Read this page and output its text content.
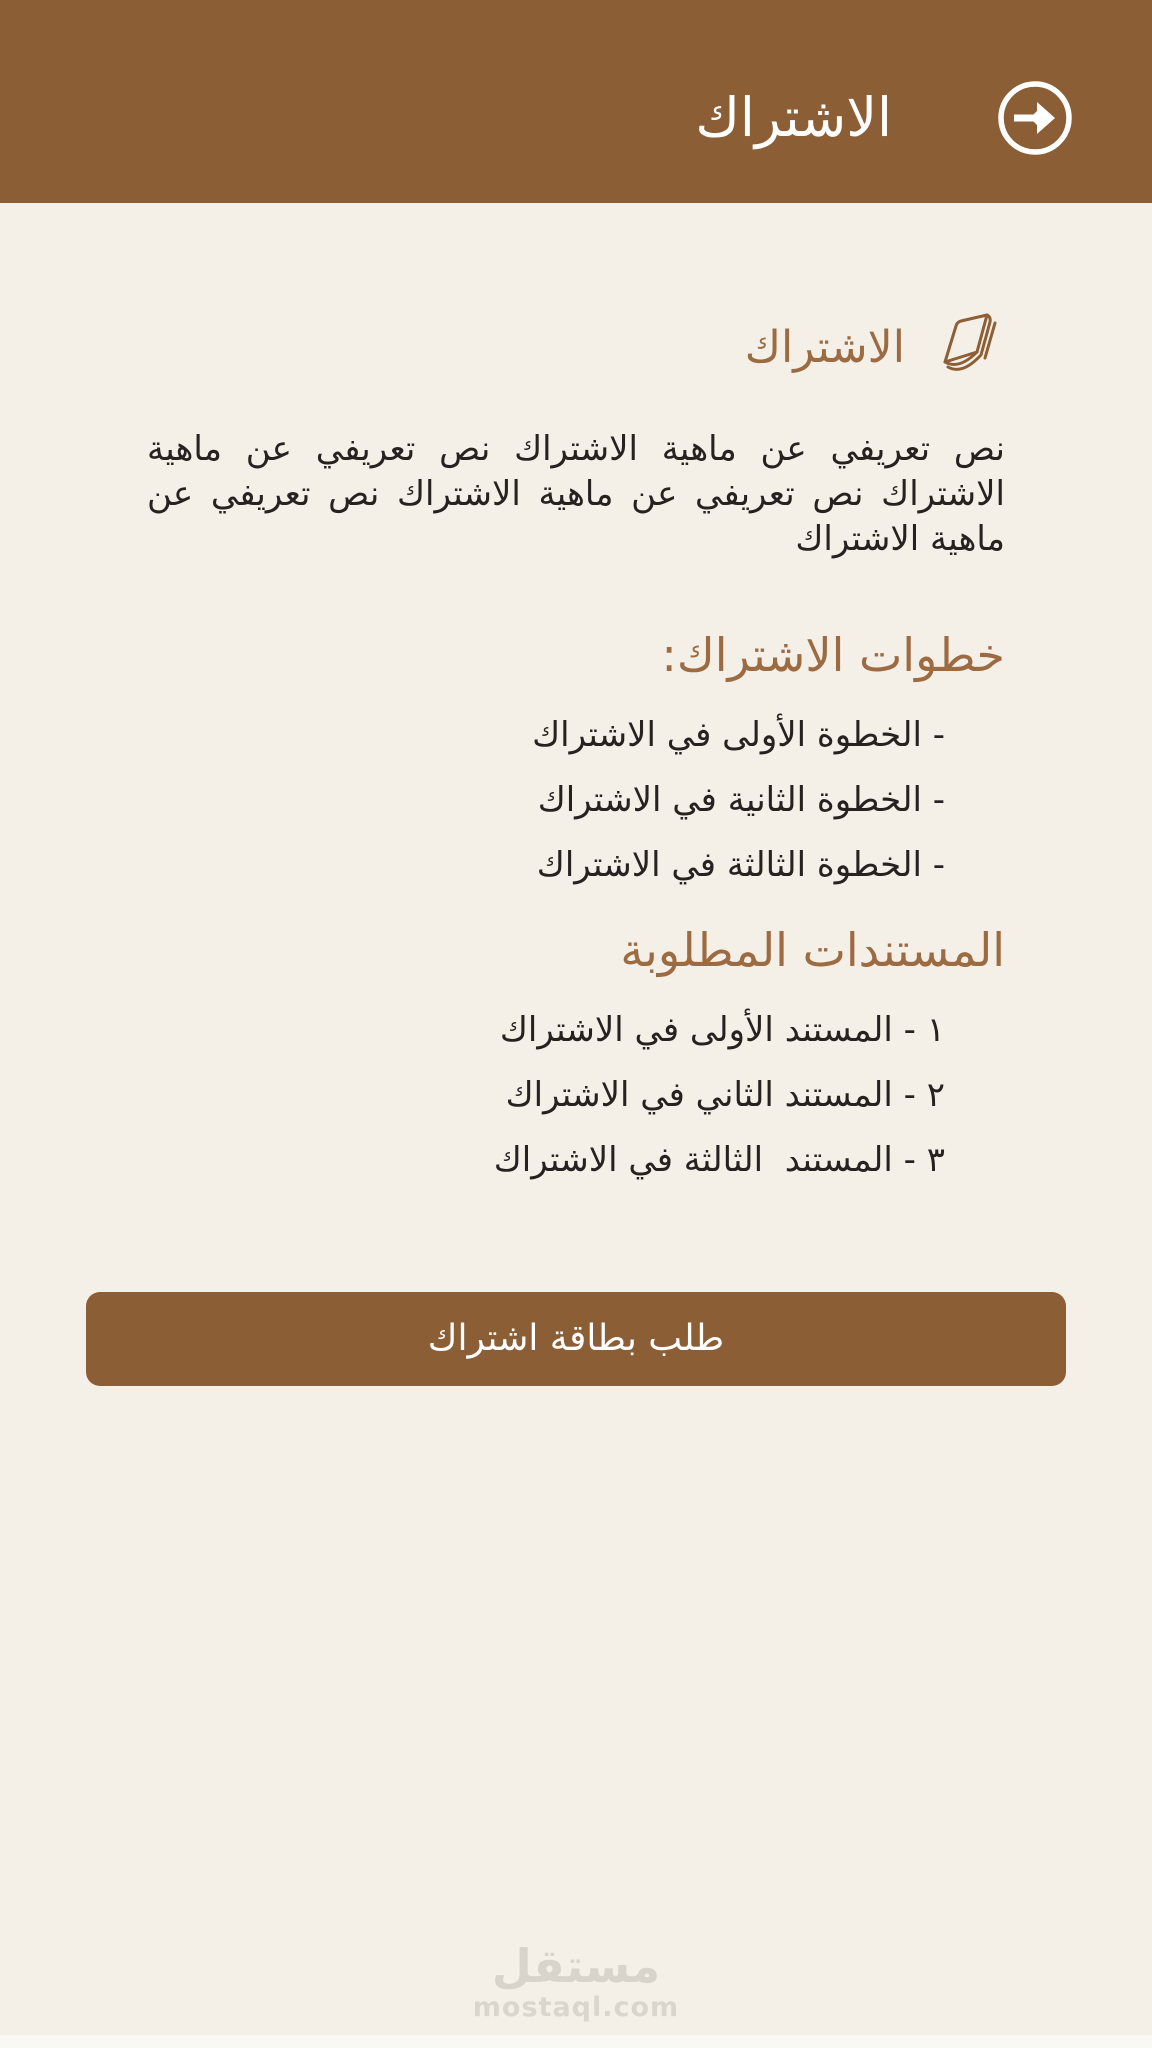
الاشتراك
الاشتراك

نص تعريفي عن ماهية الاشتراك نص تعريفي عن ماهية الاشتراك نص تعريفي عن ماهية الاشتراك نص تعريفي عن ماهية الاشتراك

خطوات الاشتراك:
- الخطوة الأولى في الاشتراك
- الخطوة الثانية في الاشتراك
- الخطوة الثالثة في الاشتراك
المستندات المطلوبة
١ - المستند الأولى في الاشتراك
٢ - المستند الثاني في الاشتراك
٣ - المستند  الثالثة في الاشتراك
طلب بطاقة اشتراك
مستقل
mostaql.com
